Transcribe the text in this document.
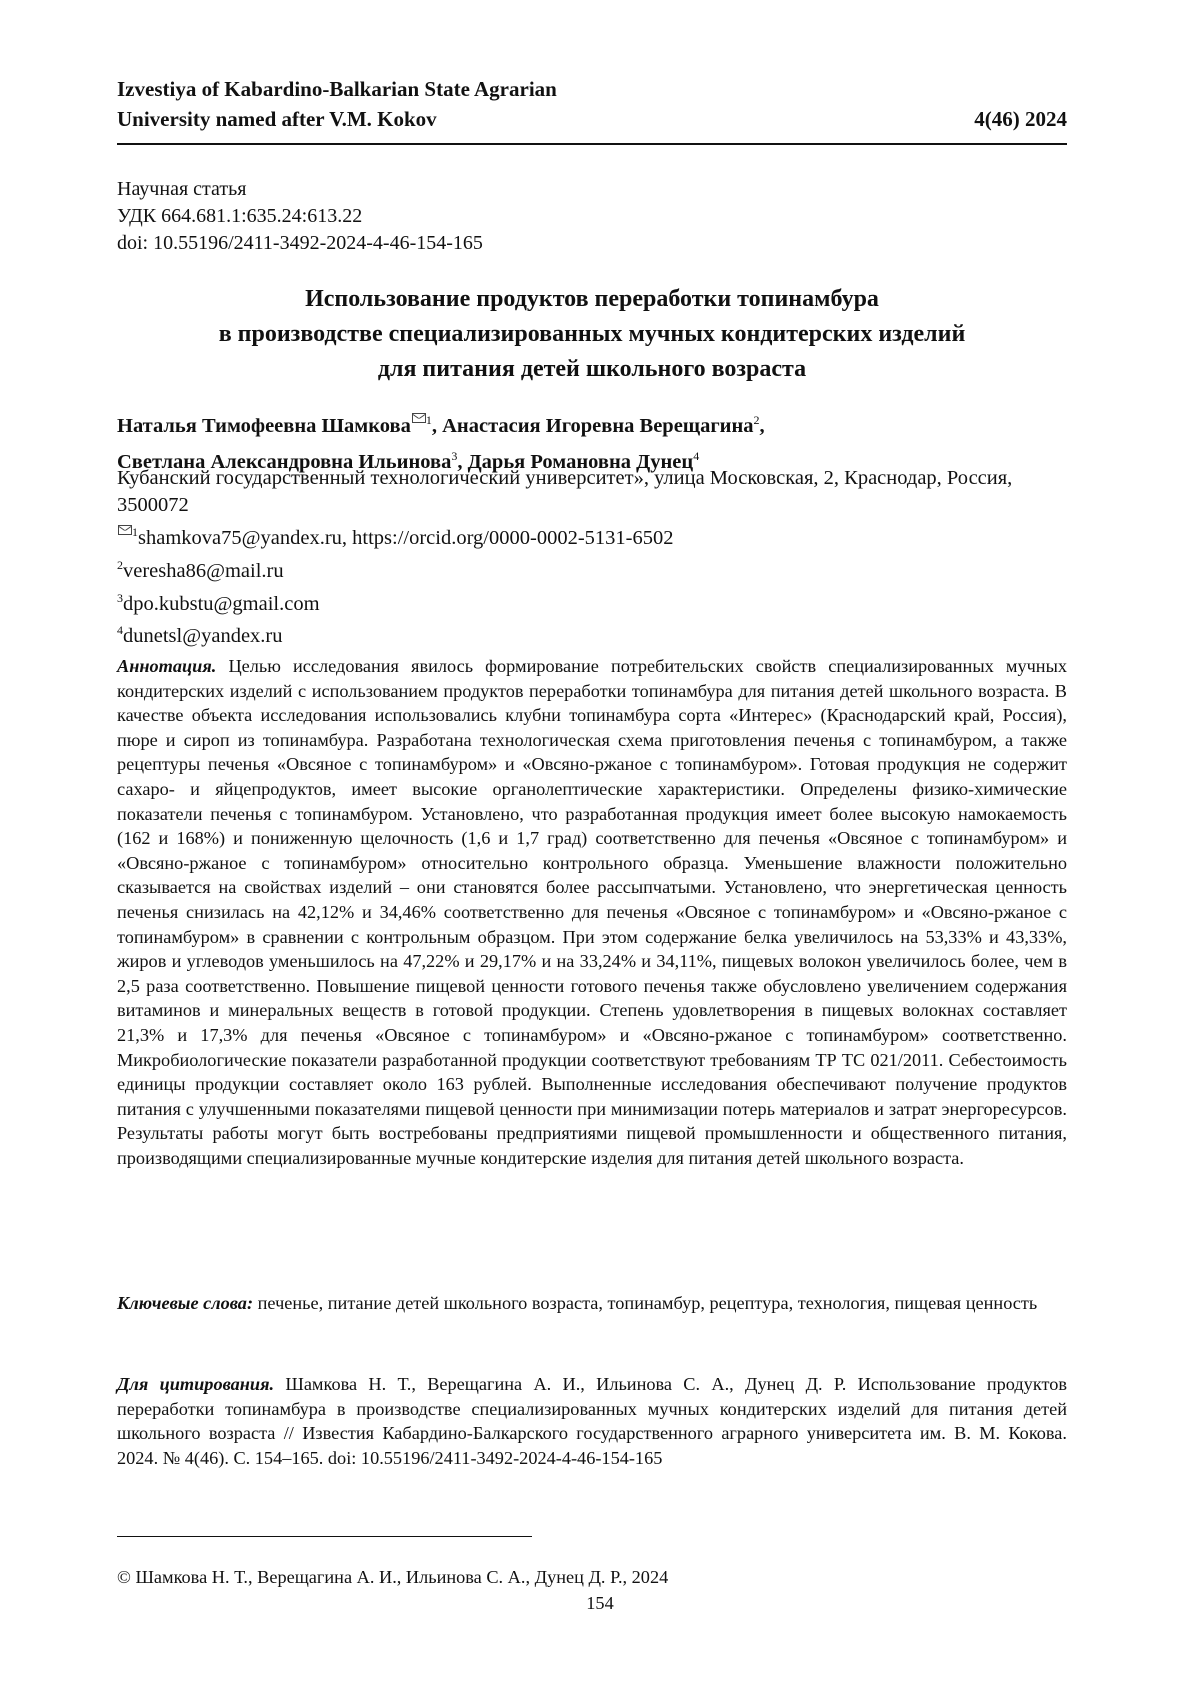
Izvestiya of Kabardino-Balkarian State Agrarian
University named after V.M. Kokov	4(46) 2024
Научная статья
УДК 664.681.1:635.24:613.22
doi: 10.55196/2411-3492-2024-4-46-154-165
Использование продуктов переработки топинамбура
в производстве специализированных мучных кондитерских изделий
для питания детей школьного возраста
Наталья Тимофеевна Шамкова 1, Анастасия Игоревна Верещагина2,
Светлана Александровна Ильинова3, Дарья Романовна Дунец4
Кубанский государственный технологический университет», улица Московская, 2, Краснодар, Россия, 3500072
1shamkova75@yandex.ru, https://orcid.org/0000-0002-5131-6502
2veresha86@mail.ru
3dpo.kubstu@gmail.com
4dunetsl@yandex.ru
Аннотация. Целью исследования явилось формирование потребительских свойств специализированных мучных кондитерских изделий с использованием продуктов переработки топинамбура для питания детей школьного возраста. В качестве объекта исследования использовались клубни топинамбура сорта «Интерес» (Краснодарский край, Россия), пюре и сироп из топинамбура. Разработана технологическая схема приготовления печенья с топинамбуром, а также рецептуры печенья «Овсяное с топинамбуром» и «Овсяно-ржаное с топинамбуром». Готовая продукция не содержит сахаро- и яйцепродуктов, имеет высокие органолептические характеристики. Определены физико-химические показатели печенья с топинамбуром. Установлено, что разработанная продукция имеет более высокую намокаемость (162 и 168%) и пониженную щелочность (1,6 и 1,7 град) соответственно для печенья «Овсяное с топинамбуром» и «Овсяно-ржаное с топинамбуром» относительно контрольного образца. Уменьшение влажности положительно сказывается на свойствах изделий – они становятся более рассыпчатыми. Установлено, что энергетическая ценность печенья снизилась на 42,12% и 34,46% соответственно для печенья «Овсяное с топинамбуром» и «Овсяно-ржаное с топинамбуром» в сравнении с контрольным образцом. При этом содержание белка увеличилось на 53,33% и 43,33%, жиров и углеводов уменьшилось на 47,22% и 29,17% и на 33,24% и 34,11%, пищевых волокон увеличилось более, чем в 2,5 раза соответственно. Повышение пищевой ценности готового печенья также обусловлено увеличением содержания витаминов и минеральных веществ в готовой продукции. Степень удовлетворения в пищевых волокнах составляет 21,3% и 17,3% для печенья «Овсяное с топинамбуром» и «Овсяно-ржаное с топинамбуром» соответственно. Микробиологические показатели разработанной продукции соответствуют требованиям ТР ТС 021/2011. Себестоимость единицы продукции составляет около 163 рублей. Выполненные исследования обеспечивают получение продуктов питания с улучшенными показателями пищевой ценности при минимизации потерь материалов и затрат энергоресурсов. Результаты работы могут быть востребованы предприятиями пищевой промышленности и общественного питания, производящими специализированные мучные кондитерские изделия для питания детей школьного возраста.
Ключевые слова: печенье, питание детей школьного возраста, топинамбур, рецептура, технология, пищевая ценность
Для цитирования. Шамкова Н. Т., Верещагина А. И., Ильинова С. А., Дунец Д. Р. Использование продуктов переработки топинамбура в производстве специализированных мучных кондитерских изделий для питания детей школьного возраста // Известия Кабардино-Балкарского государственного аграрного университета им. В. М. Кокова. 2024. № 4(46). С. 154–165. doi: 10.55196/2411-3492-2024-4-46-154-165
© Шамкова Н. Т., Верещагина А. И., Ильинова С. А., Дунец Д. Р., 2024
154
